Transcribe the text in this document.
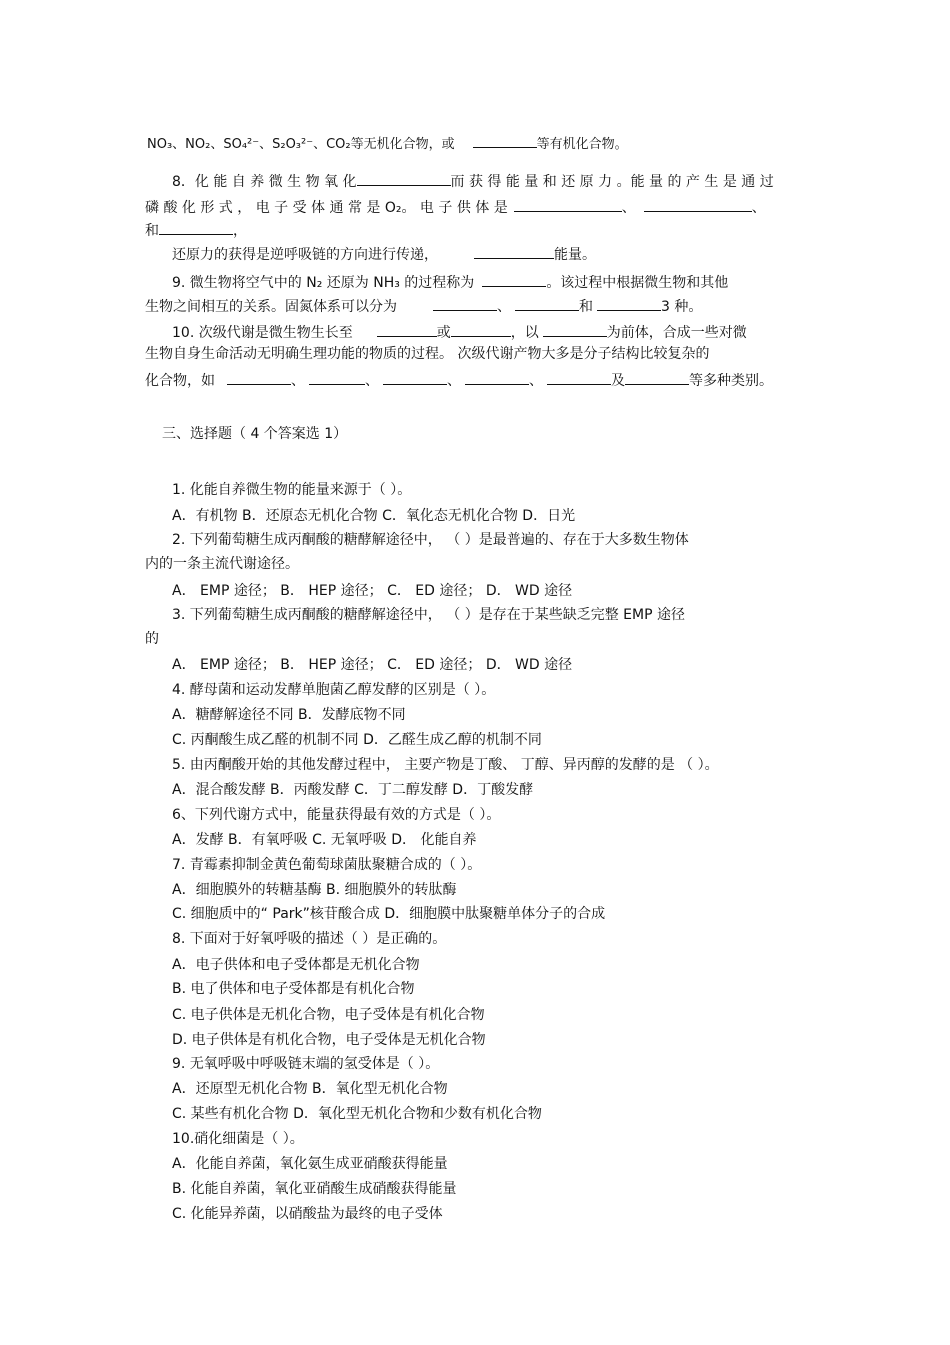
NO₃、NO₂、SO₄²⁻、S₂O₃²⁻、CO₂等无机化合物，或	等有机化合物。
8．化 能 自 养 微 生 物 氧 化	而 获 得 能 量 和 还 原 力 。能 量 的 产 生 是 通 过
磷 酸 化 形 式 ， 电 子 受 体 通 常 是 O₂。 电 子 供 体 是	、	、
和	，
还原力的获得是逆呼吸链的方向进行传递，	能量。
9. 微生物将空气中的 N₂ 还原为 NH₃ 的过程称为	。该过程中根据微生物和其他
生物之间相互的关系。固氮体系可以分为	、	和	3 种。
10. 次级代谢是微生物生长至	或	，以	为前体，合成一些对微
生物自身生命活动无明确生理功能的物质的过程。 次级代谢产物大多是分子结构比较复杂的
化合物，如	、	、	、	、	及	等多种类别。
三、选择题（ 4 个答案选 1）
1. 化能自养微生物的能量来源于（ ）。
A．有机物 B．还原态无机化合物 C．氧化态无机化合物 D．日光
2. 下列葡萄糖生成丙酮酸的糖酵解途径中， （ ）是最普遍的、存在于大多数生物体
内的一条主流代谢途径。
A． EMP 途径； B． HEP 途径； C． ED 途径； D． WD 途径
3. 下列葡萄糖生成丙酮酸的糖酵解途径中， （ ）是存在于某些缺乏完整 EMP 途径
的
A． EMP 途径； B． HEP 途径； C． ED 途径； D． WD 途径
4. 酵母菌和运动发酵单胞菌乙醇发酵的区别是（ ）。
A．糖酵解途径不同 B．发酵底物不同
C. 丙酮酸生成乙醛的机制不同 D．乙醛生成乙醇的机制不同
5. 由丙酮酸开始的其他发酵过程中， 主要产物是丁酸、 丁醇、异丙醇的发酵的是 （ ）。
A．混合酸发酵 B．丙酸发酵 C．丁二醇发酵 D．丁酸发酵
6、下列代谢方式中，能量获得最有效的方式是（ ）。
A．发酵 B．有氧呼吸 C. 无氧呼吸 D． 化能自养
7. 青霉素抑制金黄色葡萄球菌肽聚糖合成的（ ）。
A．细胞膜外的转糖基酶 B. 细胞膜外的转肽酶
C. 细胞质中的“ Park”核苷酸合成 D．细胞膜中肽聚糖单体分子的合成
8. 下面对于好氧呼吸的描述（ ）是正确的。
A．电子供体和电子受体都是无机化合物
B. 电了供体和电子受体都是有机化合物
C. 电子供体是无机化合物，电子受体是有机化合物
D. 电子供体是有机化合物，电子受体是无机化合物
9. 无氧呼吸中呼吸链末端的氢受体是（ ）。
A．还原型无机化合物 B．氧化型无机化合物
C. 某些有机化合物 D．氧化型无机化合物和少数有机化合物
10.硝化细菌是（ ）。
A．化能自养菌，氧化氨生成亚硝酸获得能量
B. 化能自养菌，氧化亚硝酸生成硝酸获得能量
C. 化能异养菌，以硝酸盐为最终的电子受体
